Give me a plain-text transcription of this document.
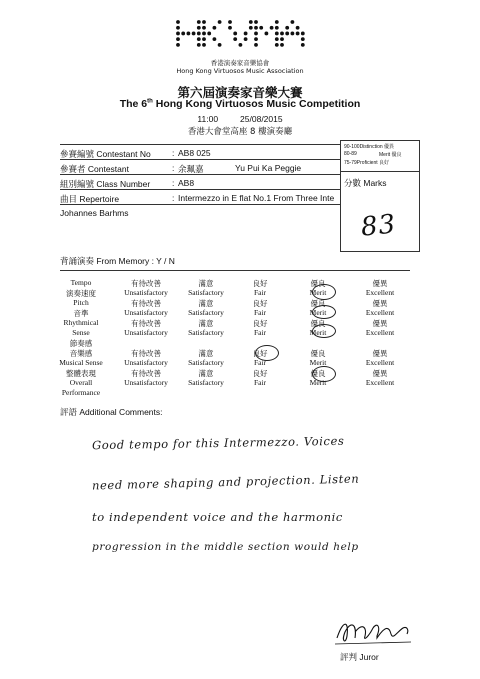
香港演奏家音樂協會
Hong Kong Virtuosos Music Association
第六屆演奏家音樂大賽
The 6th Hong Kong Virtuosos Music Competition
11:00	25/08/2015
香港大會堂高座 8 樓演奏廳
參賽編號 Contestant No	: AB8 025
參賽者 Contestant	: 余珮嘉	Yu Pui Ka Peggie
組別編號 Class Number	: AB8
曲目 Repertoire	: Intermezzo in E flat No.1 From Three Inte
Johannes Barhms
90-100Distinction 優異
80-89	Merit 優良
75-79Proficient 良好
分數 Marks
83
背誦演奏 From Memory : Y / N
Tempo	有待改善	滿意	良好	優良	優異
演奏速度	Unsatisfactory	Satisfactory	Fair	Merit	Excellent
Pitch	有待改善	滿意	良好	優良	優異
音準	Unsatisfactory	Satisfactory	Fair	Merit	Excellent
Rhythmical	有待改善	滿意	良好	優良	優異
Sense	Unsatisfactory	Satisfactory	Fair	Merit	Excellent
節奏感
音樂感	有待改善	滿意	良好	優良	優異
Musical Sense	Unsatisfactory	Satisfactory	Fair	Merit	Excellent
整體表現	有待改善	滿意	良好	優良	優異
Overall	Unsatisfactory	Satisfactory	Fair	Merit	Excellent
Performance
評語 Additional Comments:
Good tempo for this Intermezzo. Voices
need more shaping and projection. Listen
to independent voice and the harmonic
progression in the middle section would help
評判 Juror
